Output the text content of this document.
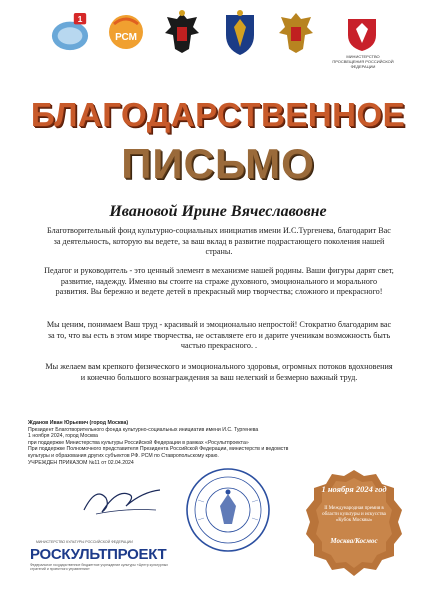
1
РСМ
МИНИСТЕРСТВО ПРОСВЕЩЕНИЯ РОССИЙСКОЙ ФЕДЕРАЦИИ
БЛАГОДАРСТВЕННОЕ
ПИСЬМО
Ивановой Ирине Вячеславовне
Благотворительный фонд культурно-социальных инициатив имени И.С.Тургенева, благодарит Вас за деятельность, которую вы ведете, за ваш вклад в развитие подрастающего поколения нашей страны.
Педагог и руководитель - это ценный элемент в механизме нашей родины. Ваши фигуры дарят свет, развитие, надежду. Именно вы стоите на страже духовного, эмоционального и морального развития. Вы бережно и ведете детей в прекрасный мир творчества; сложного и прекрасного!
Мы ценим, понимаем Ваш труд - красивый и эмоционально непростой! Стократно благодарим вас за то, что вы есть в этом мире творчества, не оставляете его и дарите ученикам возможность быть частью прекрасного. .
Мы желаем вам крепкого физического и эмоционального здоровья, огромных потоков вдохновения и конечно большого вознаграждения за ваш нелегкий и безмерно важный труд.
Жданов Иван Юрьевич (город Москва)
Президент Благотворительного фонда культурно-социальных инициатив имени И.С. Тургенева
1 ноября 2024, город Москва
при поддержке Министерства культуры Российской Федерации в рамках «Росультпроекта»
При поддержке Полномочного представителя Президента Российской Федерации, министерств и ведомств культуры и образования других субъектов РФ. РСМ по Ставропольскому краю.
УЧРЕЖДЕН ПРИКАЗОМ №11 от 02.04.2024
1 ноября 2024 год
II Международная премия в
области культуры и искусства
«Кубок Москвы»
Москва/Космос
МИНИСТЕРСТВО КУЛЬТУРЫ РОССИЙСКОЙ ФЕДЕРАЦИИ
РОСКУЛЬТПРОЕКТ
Федеральное государственное бюджетное учреждение культуры «Центр культурных стратегий и проектного управления»
